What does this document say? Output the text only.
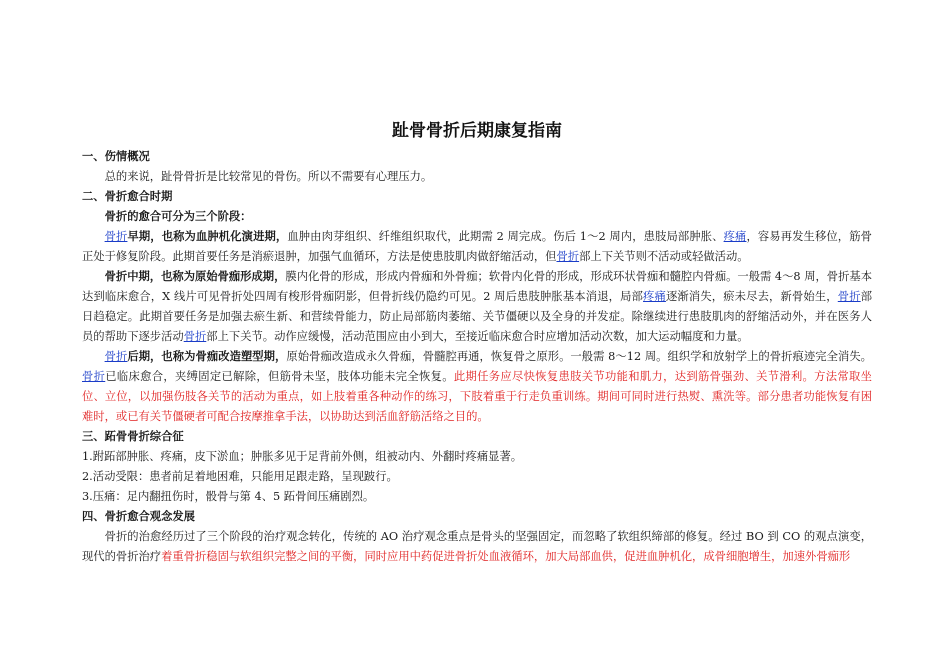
趾骨骨折后期康复指南

一、伤情概况

总的来说，趾骨骨折是比较常见的骨伤。所以不需要有心理压力。

二、骨折愈合时期

骨折的愈合可分为三个阶段：

骨折早期，也称为血肿机化演进期，血肿由肉芽组织、纤维组织取代，此期需 2 周完成。伤后 1～2 周内，患肢局部肿胀、疼痛，容易再发生移位，筋骨正处于修复阶段。此期首要任务是消瘀退肿，加强气血循环，方法是使患肢肌肉做舒缩活动，但骨折部上下关节则不活动或轻做活动。

骨折中期，也称为原始骨痂形成期，膜内化骨的形成，形成内骨痂和外骨痂；软骨内化骨的形成，形成环状骨痂和髓腔内骨痂。一般需 4～8 周，骨折基本达到临床愈合，X 线片可见骨折处四周有梭形骨痂阴影，但骨折线仍隐约可见。2 周后患肢肿胀基本消退，局部疼痛逐渐消失，瘀未尽去，新骨始生，骨折部日趋稳定。此期首要任务是加强去瘀生新、和营续骨能力，防止局部筋肉萎缩、关节僵硬以及全身的并发症。除继续进行患肢肌肉的舒缩活动外，并在医务人员的帮助下逐步活动骨折部上下关节。动作应缓慢，活动范围应由小到大，至接近临床愈合时应增加活动次数，加大运动幅度和力量。

骨折后期，也称为骨痂改造塑型期，原始骨痂改造成永久骨痂，骨髓腔再通，恢复骨之原形。一般需 8～12 周。组织学和放射学上的骨折痕迹完全消失。骨折已临床愈合，夹缚固定已解除，但筋骨未坚，肢体功能未完全恢复。此期任务应尽快恢复患肢关节功能和肌力，达到筋骨强劲、关节滑利。方法常取坐位、立位，以加强伤肢各关节的活动为重点，如上肢着重各种动作的练习，下肢着重于行走负重训练。期间可同时进行热熨、熏洗等。部分患者功能恢复有困难时，或已有关节僵硬者可配合按摩推拿手法，以协助达到活血舒筋活络之目的。

三、跖骨骨折综合征

1.跗跖部肿胀、疼痛，皮下淤血；肿胀多见于足背前外侧，组被动内、外翻时疼痛显著。

2.活动受限：患者前足着地困难，只能用足跟走路，呈现跛行。

3.压痛：足内翻扭伤时，骰骨与第 4、5 跖骨间压痛剧烈。

四、骨折愈合观念发展

骨折的治愈经历过了三个阶段的治疗观念转化，传统的 AO 治疗观念重点是骨头的坚强固定，而忽略了软组织缔部的修复。经过 BO 到 CO 的观点演变，现代的骨折治疗着重骨折稳固与软组织完整之间的平衡，同时应用中药促进骨折处血液循环，加大局部血供，促进血肿机化，成骨细胞增生，加速外骨痂形
